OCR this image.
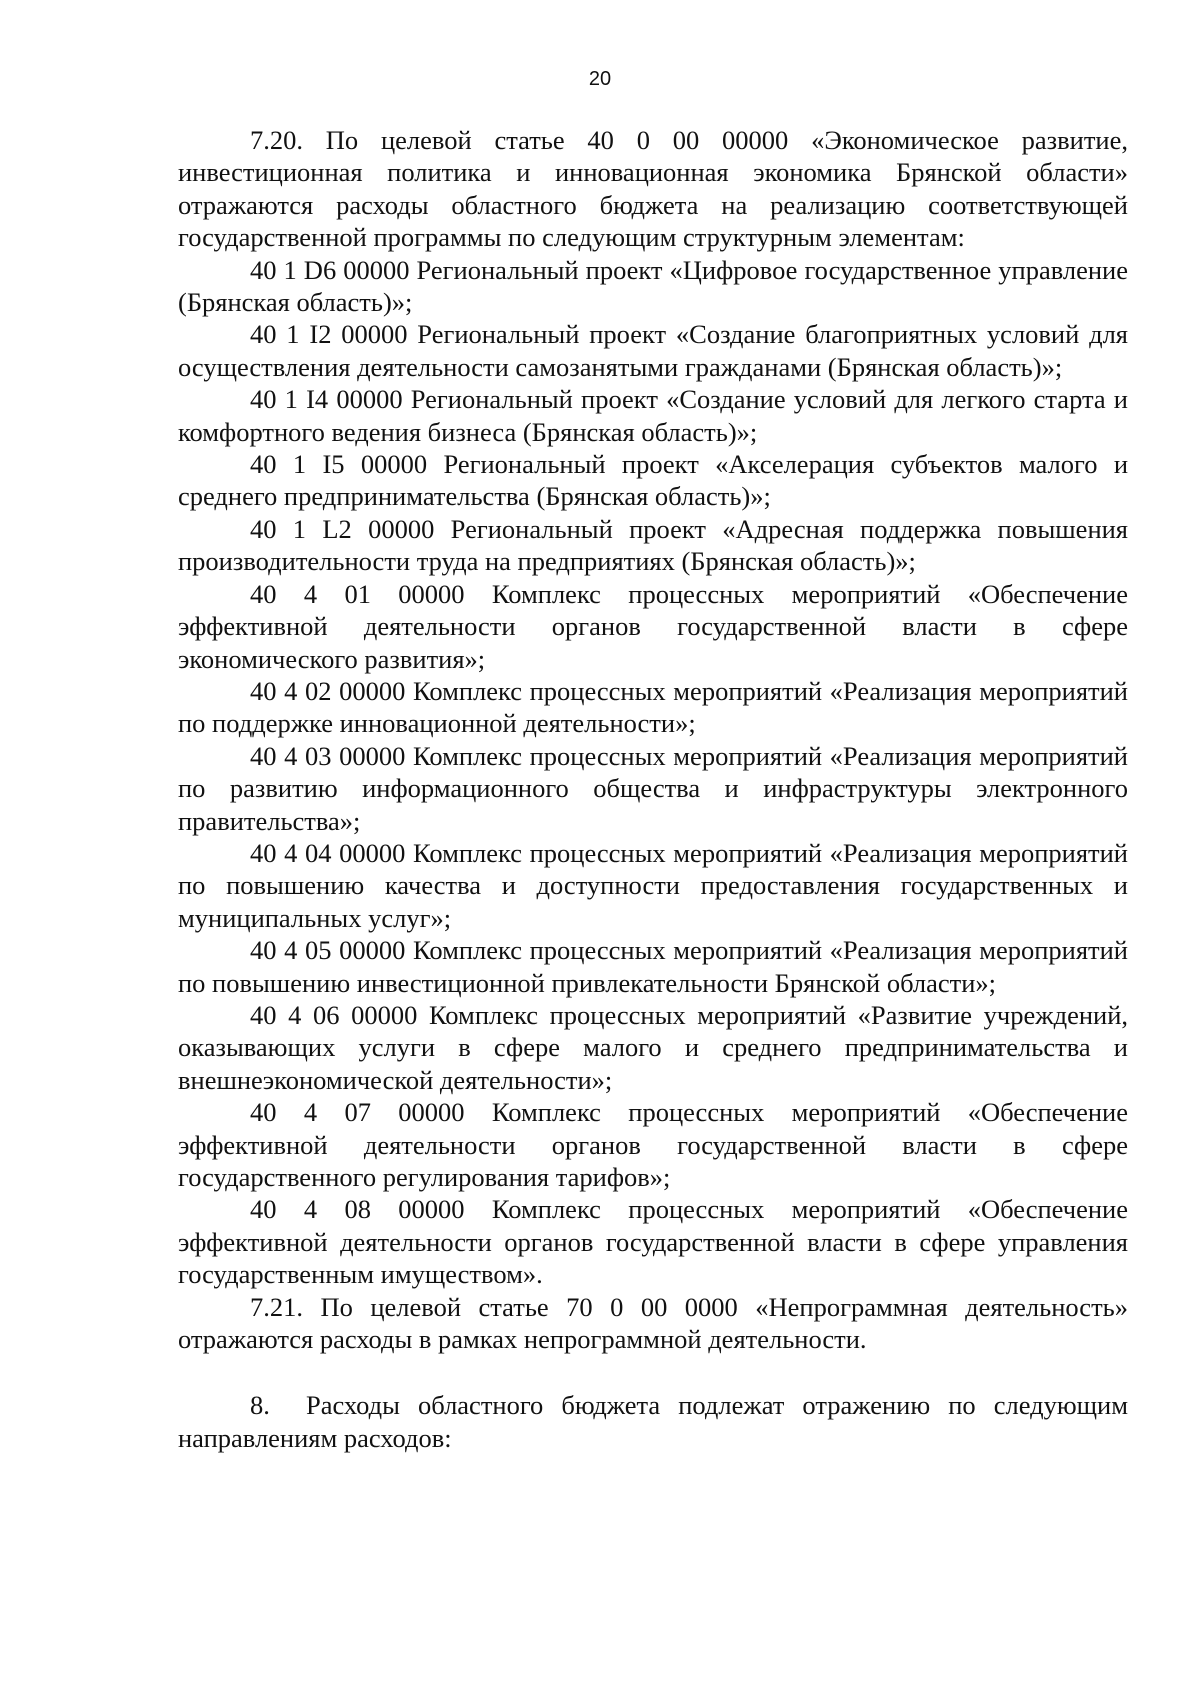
20

7.20. По целевой статье 40 0 00 00000 «Экономическое развитие, инвестиционная политика и инновационная экономика Брянской области» отражаются расходы областного бюджета на реализацию соответствующей государственной программы по следующим структурным элементам:

40 1 D6 00000 Региональный проект «Цифровое государственное управление (Брянская область)»;

40 1 I2 00000 Региональный проект «Создание благоприятных условий для осуществления деятельности самозанятыми гражданами (Брянская область)»;

40 1 I4 00000 Региональный проект «Создание условий для легкого старта и комфортного ведения бизнеса (Брянская область)»;

40 1 I5 00000 Региональный проект «Акселерация субъектов малого и среднего предпринимательства (Брянская область)»;

40 1 L2 00000 Региональный проект «Адресная поддержка повышения производительности труда на предприятиях (Брянская область)»;

40 4 01 00000 Комплекс процессных мероприятий «Обеспечение эффективной деятельности органов государственной власти в сфере экономического развития»;

40 4 02 00000 Комплекс процессных мероприятий «Реализация мероприятий по поддержке инновационной деятельности»;

40 4 03 00000 Комплекс процессных мероприятий «Реализация мероприятий по развитию информационного общества и инфраструктуры электронного правительства»;

40 4 04 00000 Комплекс процессных мероприятий «Реализация мероприятий по повышению качества и доступности предоставления государственных и муниципальных услуг»;

40 4 05 00000 Комплекс процессных мероприятий «Реализация мероприятий по повышению инвестиционной привлекательности Брянской области»;

40 4 06 00000 Комплекс процессных мероприятий «Развитие учреждений, оказывающих услуги в сфере малого и среднего предпринимательства и внешнеэкономической деятельности»;

40 4 07 00000 Комплекс процессных мероприятий «Обеспечение эффективной деятельности органов государственной власти в сфере государственного регулирования тарифов»;

40 4 08 00000 Комплекс процессных мероприятий «Обеспечение эффективной деятельности органов государственной власти в сфере управления государственным имуществом».

7.21. По целевой статье 70 0 00 0000 «Непрограммная деятельность» отражаются расходы в рамках непрограммной деятельности.

8. Расходы областного бюджета подлежат отражению по следующим направлениям расходов:
